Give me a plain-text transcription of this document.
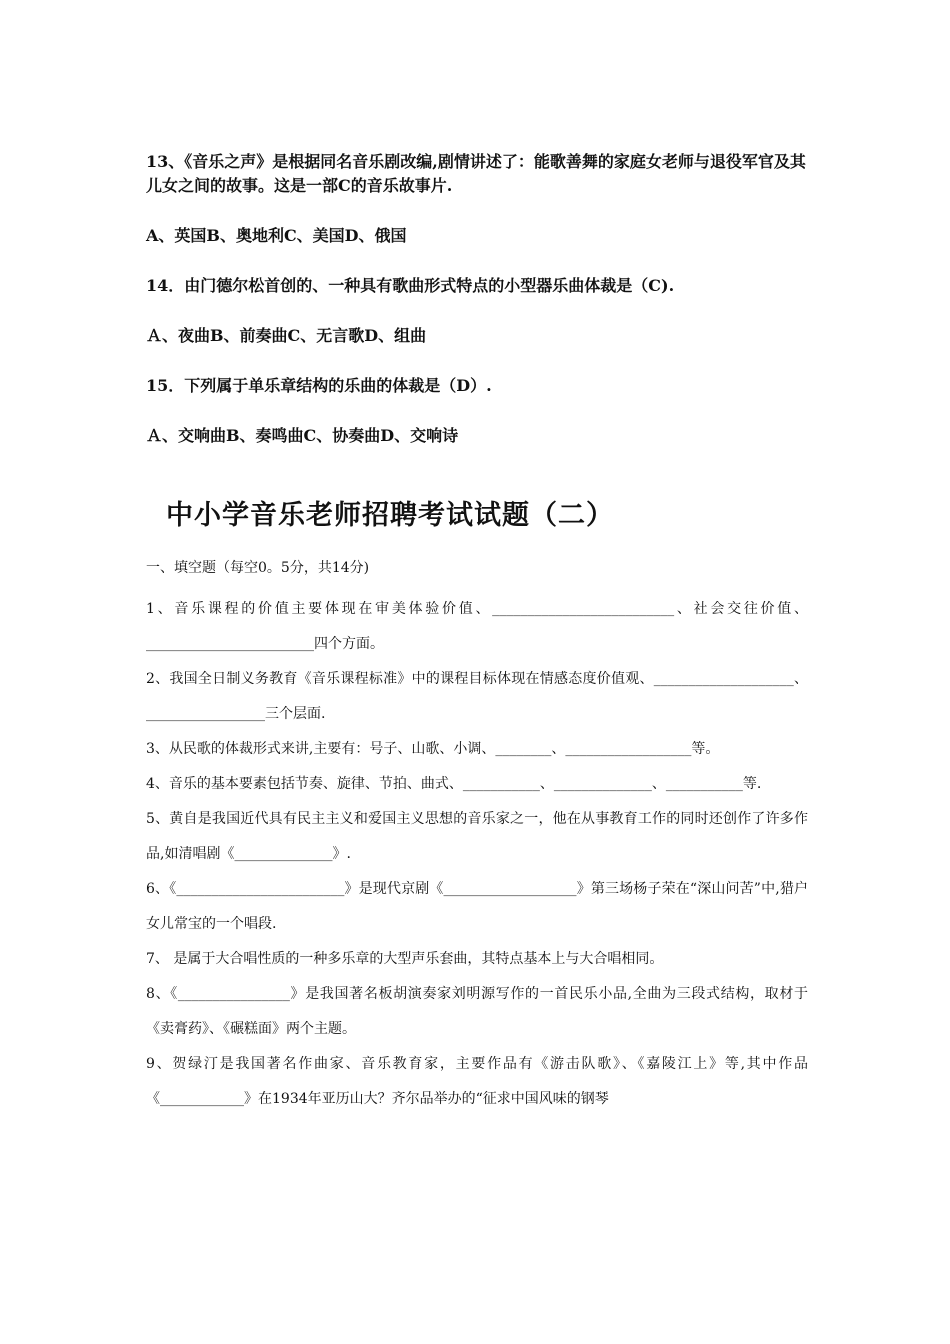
13、《音乐之声》是根据同名音乐剧改编,剧情讲述了：能歌善舞的家庭女老师与退役军官及其儿女之间的故事。这是一部C的音乐故事片.

A、英国B、奥地利C、美国D、俄国

14．由门德尔松首创的、一种具有歌曲形式特点的小型器乐曲体裁是（C).

Ａ、夜曲B、前奏曲C、无言歌D、组曲

15．下列属于单乐章结构的乐曲的体裁是（D）.

Ａ、交响曲B、奏鸣曲C、协奏曲D、交响诗

中小学音乐老师招聘考试试题（二）

一、填空题（每空0。5分，共14分)

1、音乐课程的价值主要体现在审美体验价值、__________________________、社会交往价值、________________________四个方面。

2、我国全日制义务教育《音乐课程标准》中的课程目标体现在情感态度价值观、____________________、_________________三个层面.

3、从民歌的体裁形式来讲,主要有：号子、山歌、小调、________、__________________等。

4、音乐的基本要素包括节奏、旋律、节拍、曲式、___________、______________、___________等.

5、黄自是我国近代具有民主主义和爱国主义思想的音乐家之一，他在从事教育工作的同时还创作了许多作品,如清唱剧《______________》.

6、《________________________》是现代京剧《___________________》第三场杨子荣在“深山问苦”中,猎户女儿常宝的一个唱段.

7、 是属于大合唱性质的一种多乐章的大型声乐套曲，其特点基本上与大合唱相同。

8、《________________》是我国著名板胡演奏家刘明源写作的一首民乐小品,全曲为三段式结构，取材于《卖膏药》、《碾糕面》两个主题。

9、贺绿汀是我国著名作曲家、音乐教育家，主要作品有《游击队歌》、《嘉陵江上》等,其中作品《____________》在1934年亚历山大？齐尔品举办的“征求中国风味的钢琴
